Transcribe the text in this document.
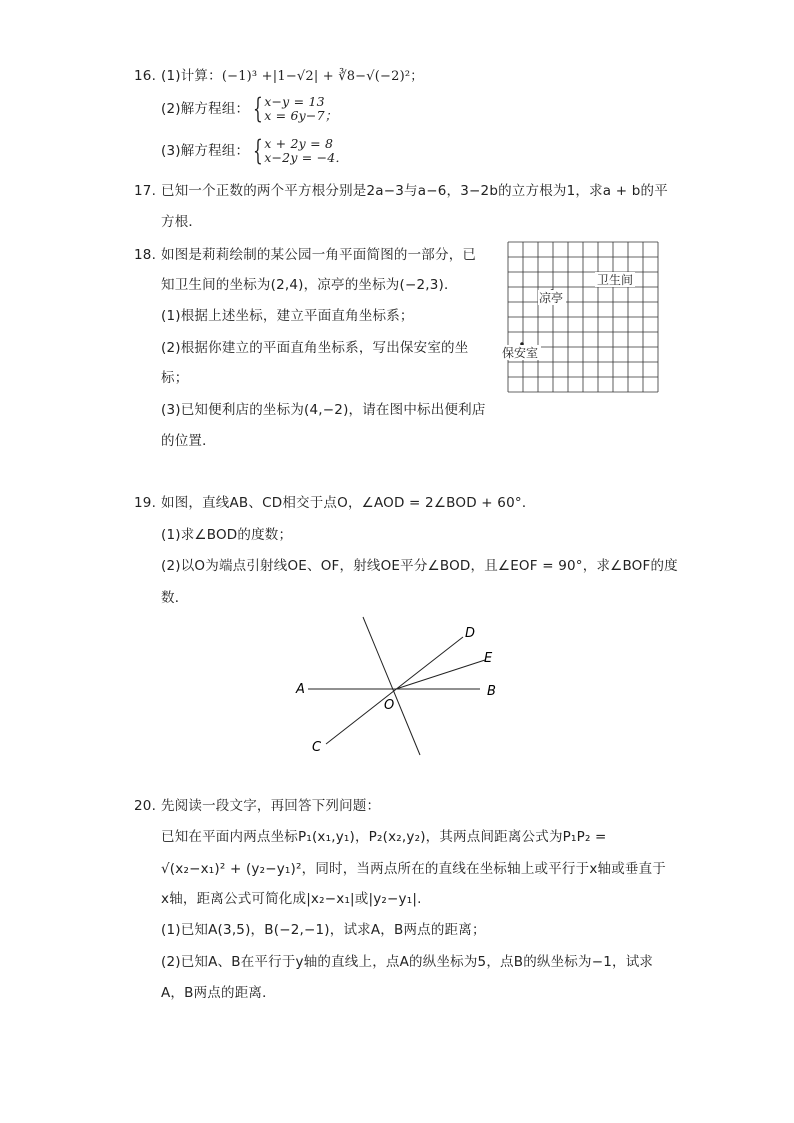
16. (1)计算：(−1)³ +|1−√2| + ∛8−√(−2)²；
(2)解方程组： { x−y = 13
x = 6y−7；
(3)解方程组： { x + 2y = 8
x−2y = −4．
17. 已知一个正数的两个平方根分别是2a−3与a−6，3−2b的立方根为1，求a + b的平
方根．
18. 如图是莉莉绘制的某公园一角平面简图的一部分，已
知卫生间的坐标为(2,4)，凉亭的坐标为(−2,3)．
(1)根据上述坐标，建立平面直角坐标系；
(2)根据你建立的平面直角坐标系，写出保安室的坐
标；
(3)已知便利店的坐标为(4,−2)，请在图中标出便利店
的位置．
卫生间
凉亭
保安室
19. 如图，直线AB、CD相交于点O，∠AOD = 2∠BOD + 60°．
(1)求∠BOD的度数；
(2)以O为端点引射线OE、OF，射线OE平分∠BOD，且∠EOF = 90°，求∠BOF的度
数．
A	B
C
D
E
O
20. 先阅读一段文字，再回答下列问题：
已知在平面内两点坐标P₁(x₁,y₁)，P₂(x₂,y₂)，其两点间距离公式为P₁P₂ =
√(x₂−x₁)² + (y₂−y₁)²，同时，当两点所在的直线在坐标轴上或平行于x轴或垂直于
x轴，距离公式可简化成|x₂−x₁|或|y₂−y₁|.
(1)已知A(3,5)，B(−2,−1)，试求A，B两点的距离；
(2)已知A、B在平行于y轴的直线上，点A的纵坐标为5，点B的纵坐标为−1，试求
A，B两点的距离．
